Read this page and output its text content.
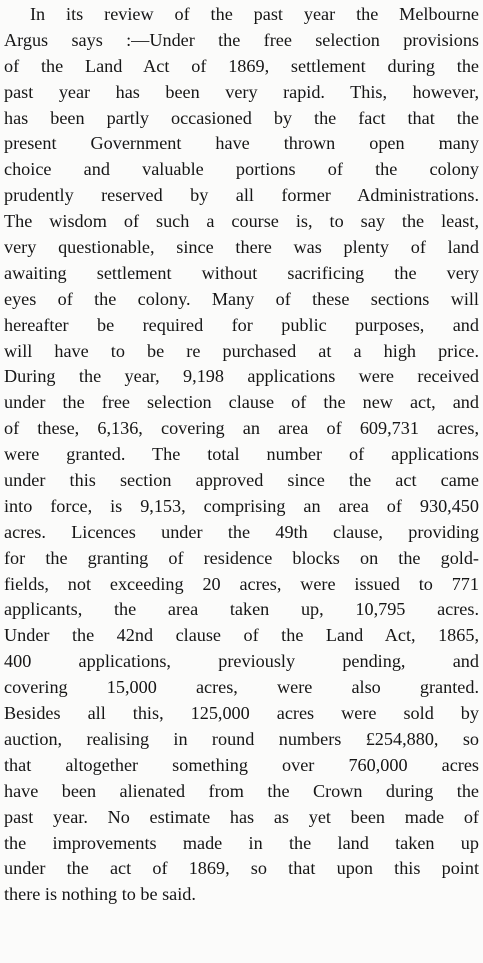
In its review of the past year the Melbourne
Argus says :—Under the free selection provisions
of the Land Act of 1869, settlement during the
past year has been very rapid. This, however,
has been partly occasioned by the fact that the
present Government have thrown open many
choice and valuable portions of the colony
prudently reserved by all former Administrations.
The wisdom of such a course is, to say the least,
very questionable, since there was plenty of land
awaiting settlement without sacrificing the very
eyes of the colony. Many of these sections will
hereafter be required for public purposes, and
will have to be re purchased at a high price.
During the year, 9,198 applications were received
under the free selection clause of the new act, and
of these, 6,136, covering an area of 609,731 acres,
were granted. The total number of applications
under this section approved since the act came
into force, is 9,153, comprising an area of 930,450
acres. Licences under the 49th clause, providing
for the granting of residence blocks on the gold-
fields, not exceeding 20 acres, were issued to 771
applicants, the area taken up, 10,795 acres.
Under the 42nd clause of the Land Act, 1865,
400 applications, previously pending, and
covering 15,000 acres, were also granted.
Besides all this, 125,000 acres were sold by
auction, realising in round numbers £254,880, so
that altogether something over 760,000 acres
have been alienated from the Crown during the
past year. No estimate has as yet been made of
the improvements made in the land taken up
under the act of 1869, so that upon this point
there is nothing to be said.
